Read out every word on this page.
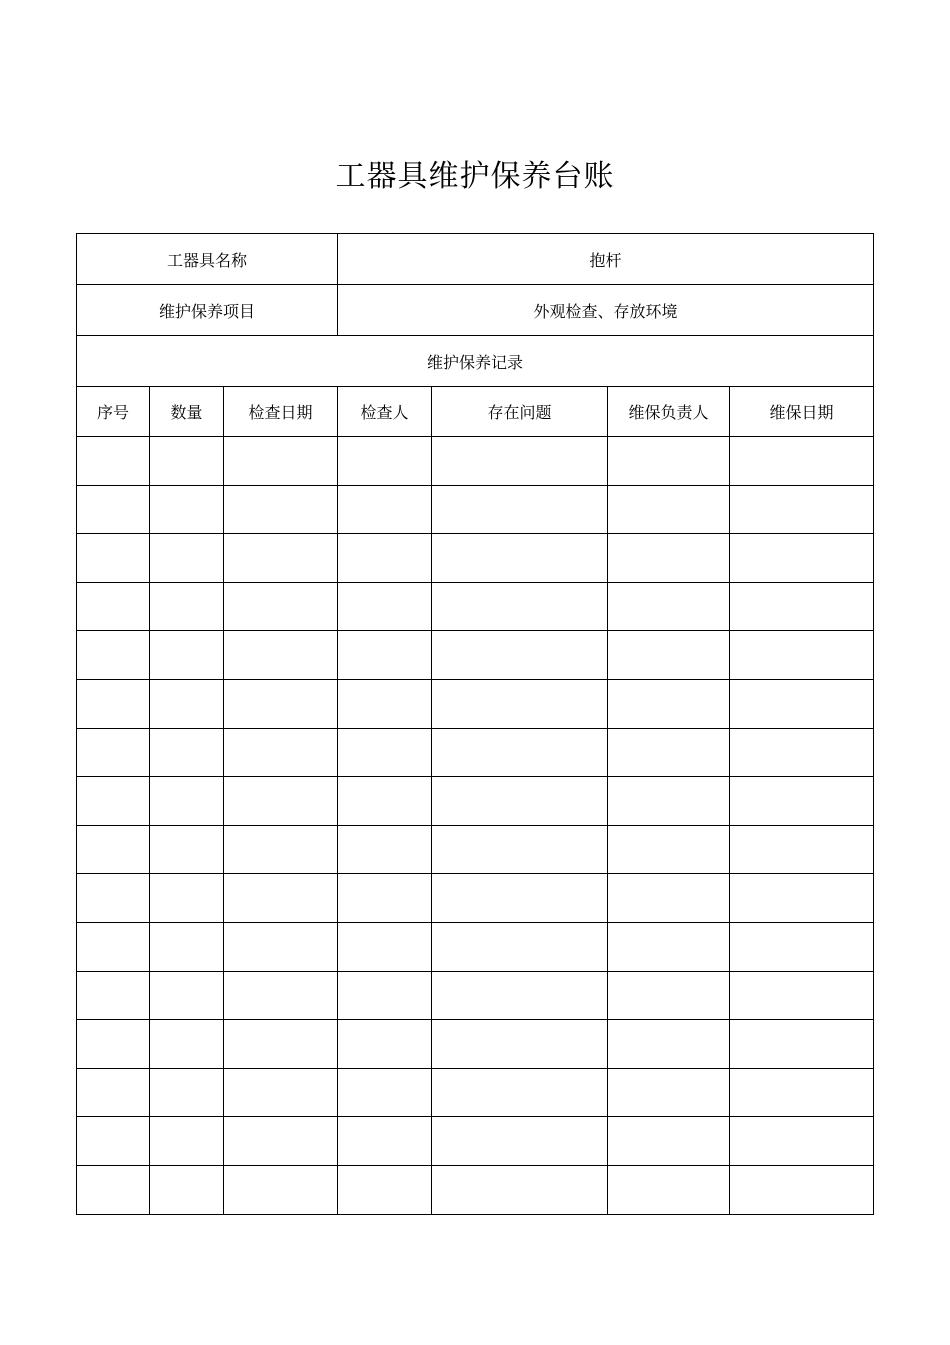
工器具维护保养台账
工器具名称			抱杆			
维护保养项目			外观检查、存放环境			
维护保养记录						
序号	数量	检查日期	检查人	存在问题	维保负责人	维保日期
